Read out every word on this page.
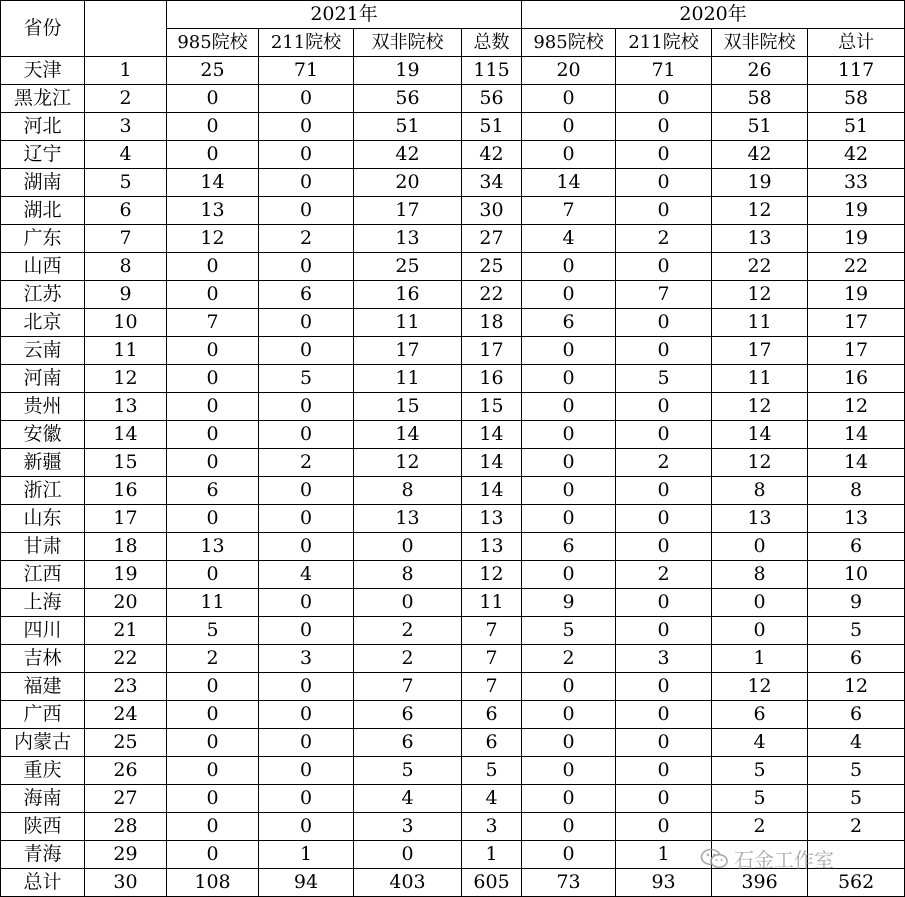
省份		2021年				2020年			
		985院校	211院校	双非院校	总数	985院校	211院校	双非院校	总计
天津	1	25	71	19	115	20	71	26	117
黑龙江	2	0	0	56	56	0	0	58	58
河北	3	0	0	51	51	0	0	51	51
辽宁	4	0	0	42	42	0	0	42	42
湖南	5	14	0	20	34	14	0	19	33
湖北	6	13	0	17	30	7	0	12	19
广东	7	12	2	13	27	4	2	13	19
山西	8	0	0	25	25	0	0	22	22
江苏	9	0	6	16	22	0	7	12	19
北京	10	7	0	11	18	6	0	11	17
云南	11	0	0	17	17	0	0	17	17
河南	12	0	5	11	16	0	5	11	16
贵州	13	0	0	15	15	0	0	12	12
安徽	14	0	0	14	14	0	0	14	14
新疆	15	0	2	12	14	0	2	12	14
浙江	16	6	0	8	14	0	0	8	8
山东	17	0	0	13	13	0	0	13	13
甘肃	18	13	0	0	13	6	0	0	6
江西	19	0	4	8	12	0	2	8	10
上海	20	11	0	0	11	9	0	0	9
四川	21	5	0	2	7	5	0	0	5
吉林	22	2	3	2	7	2	3	1	6
福建	23	0	0	7	7	0	0	12	12
广西	24	0	0	6	6	0	0	6	6
内蒙古	25	0	0	6	6	0	0	4	4
重庆	26	0	0	5	5	0	0	5	5
海南	27	0	0	4	4	0	0	5	5
陕西	28	0	0	3	3	0	0	2	2
青海	29	0	1	0	1	0	1		
总计	30	108	94	403	605	73	93	396	562
石金工作室
